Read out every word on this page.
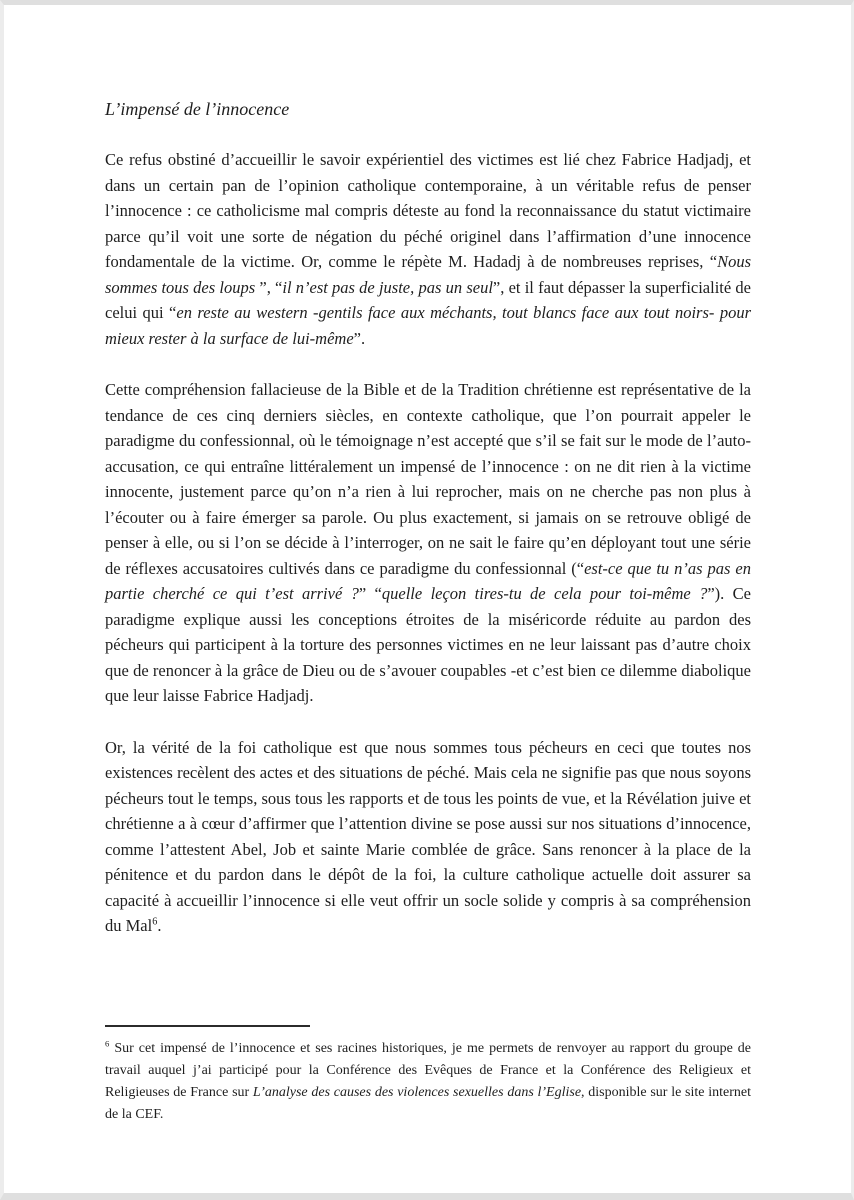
L’impensé de l’innocence

Ce refus obstiné d’accueillir le savoir expérientiel des victimes est lié chez Fabrice Hadjadj, et dans un certain pan de l’opinion catholique contemporaine, à un véritable refus de penser l’innocence : ce catholicisme mal compris déteste au fond la reconnaissance du statut victimaire parce qu’il voit une sorte de négation du péché originel dans l’affirmation d’une innocence fondamentale de la victime. Or, comme le répète M. Hadadj à de nombreuses reprises, “Nous sommes tous des loups ”, “il n’est pas de juste, pas un seul”, et il faut dépasser la superficialité de celui qui “en reste au western -gentils face aux méchants, tout blancs face aux tout noirs- pour mieux rester à la surface de lui-même”.

Cette compréhension fallacieuse de la Bible et de la Tradition chrétienne est représentative de la tendance de ces cinq derniers siècles, en contexte catholique, que l’on pourrait appeler le paradigme du confessionnal, où le témoignage n’est accepté que s’il se fait sur le mode de l’auto-accusation, ce qui entraîne littéralement un impensé de l’innocence : on ne dit rien à la victime innocente, justement parce qu’on n’a rien à lui reprocher, mais on ne cherche pas non plus à l’écouter ou à faire émerger sa parole. Ou plus exactement, si jamais on se retrouve obligé de penser à elle, ou si l’on se décide à l’interroger, on ne sait le faire qu’en déployant tout une série de réflexes accusatoires cultivés dans ce paradigme du confessionnal (“est-ce que tu n’as pas en partie cherché ce qui t’est arrivé ?” “quelle leçon tires-tu de cela pour toi-même ?”). Ce paradigme explique aussi les conceptions étroites de la miséricorde réduite au pardon des pécheurs qui participent à la torture des personnes victimes en ne leur laissant pas d’autre choix que de renoncer à la grâce de Dieu ou de s’avouer coupables -et c’est bien ce dilemme diabolique que leur laisse Fabrice Hadjadj.

Or, la vérité de la foi catholique est que nous sommes tous pécheurs en ceci que toutes nos existences recèlent des actes et des situations de péché. Mais cela ne signifie pas que nous soyons pécheurs tout le temps, sous tous les rapports et de tous les points de vue, et la Révélation juive et chrétienne a à cœur d’affirmer que l’attention divine se pose aussi sur nos situations d’innocence, comme l’attestent Abel, Job et sainte Marie comblée de grâce. Sans renoncer à la place de la pénitence et du pardon dans le dépôt de la foi, la culture catholique actuelle doit assurer sa capacité à accueillir l’innocence si elle veut offrir un socle solide y compris à sa compréhension du Mal$^6$.

$^6$ Sur cet impensé de l’innocence et ses racines historiques, je me permets de renvoyer au rapport du groupe de travail auquel j’ai participé pour la Conférence des Evêques de France et la Conférence des Religieux et Religieuses de France sur L’analyse des causes des violences sexuelles dans l’Eglise, disponible sur le site internet de la CEF.
